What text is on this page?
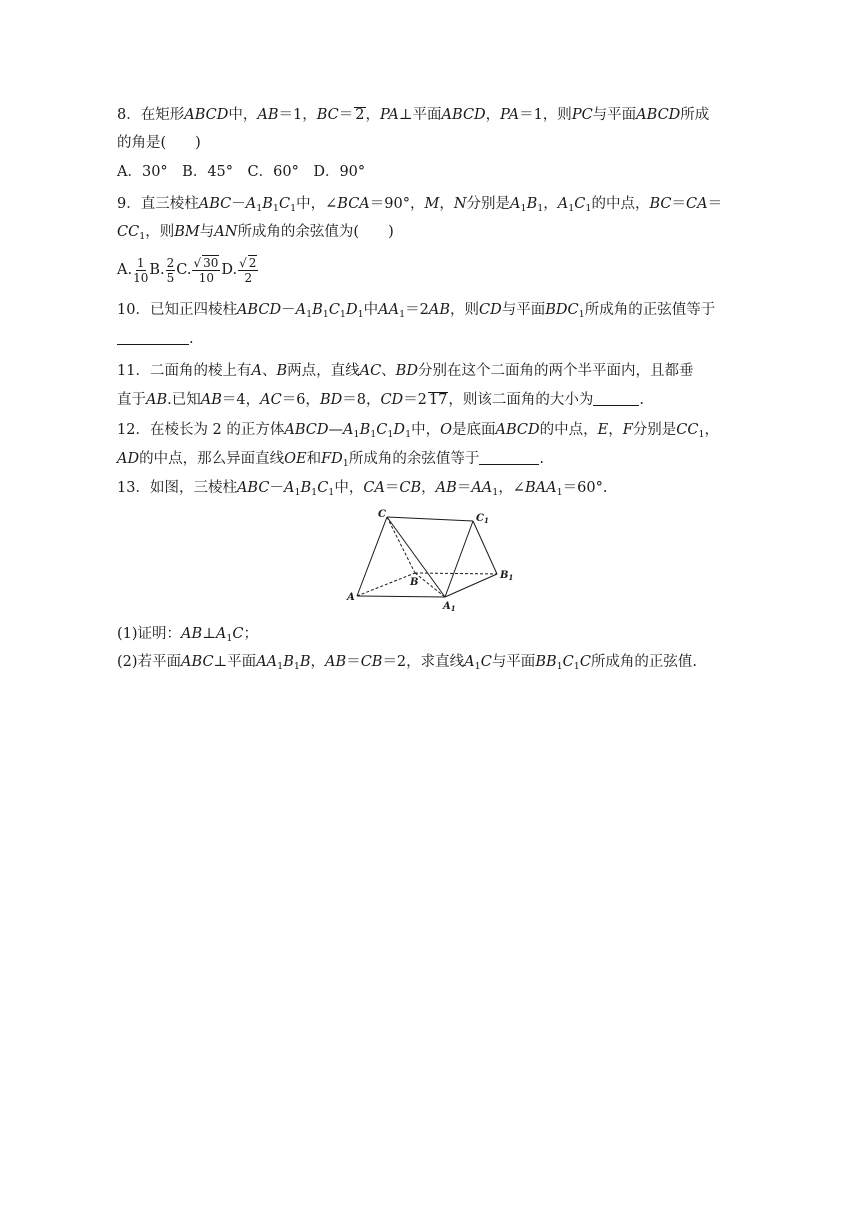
8．在矩形ABCD中，AB＝1，BC＝ 2，PA⊥平面ABCD，PA＝1，则PC与平面ABCD所成
的角是(　　)
A．30°　B．45°　C．60°　D．90°
9．直三棱柱$ABC-A_1B_1C_1$中，∠BCA＝90°，M，N分别是$A_1B_1$，$A_1C_1$的中点，BC＝CA＝
$CC_1$，则BM与AN所成角的余弦值为(　　)
A. $\frac{1}{10} B$. $\frac{2}{5} C$. $\frac{√ 30}{10} D$. $\frac{√ 2}{2}$
10．已知正四棱柱$ABCD-A_1B_1C_1D_1$中$AA_1=2AB$，则CD与平面$BDC_1$所成角的正弦值等于
.
11．二面角的棱上有A、B两点，直线AC、BD分别在这个二面角的两个半平面内，且都垂
直于AB.已知AB＝4，AC＝6，BD＝8，CD＝2 17，则该二面角的大小为	.
12．在棱长为 2 的正方体$ABCD—A_1B_1C_1D_1$中，O是底面ABCD的中点，E，F分别是$CC_1$，
AD的中点，那么异面直线OE和$FD_1$所成角的余弦值等于	.
13．如图，三棱柱$ABC-A_1B_1C_1$中，CA＝CB，$AB=AA_1$，$\angle BAA_1=60^\circ$.
C	$C_1$
A
B
$A_1$
$B_1$
(1)证明：$AB\perp A_1C$；
(2)若平面ABC⊥平面$AA_1B_1B$，AB＝CB＝2，求直线$A_1C$与平面$BB_1C_1C$所成角的正弦值.
